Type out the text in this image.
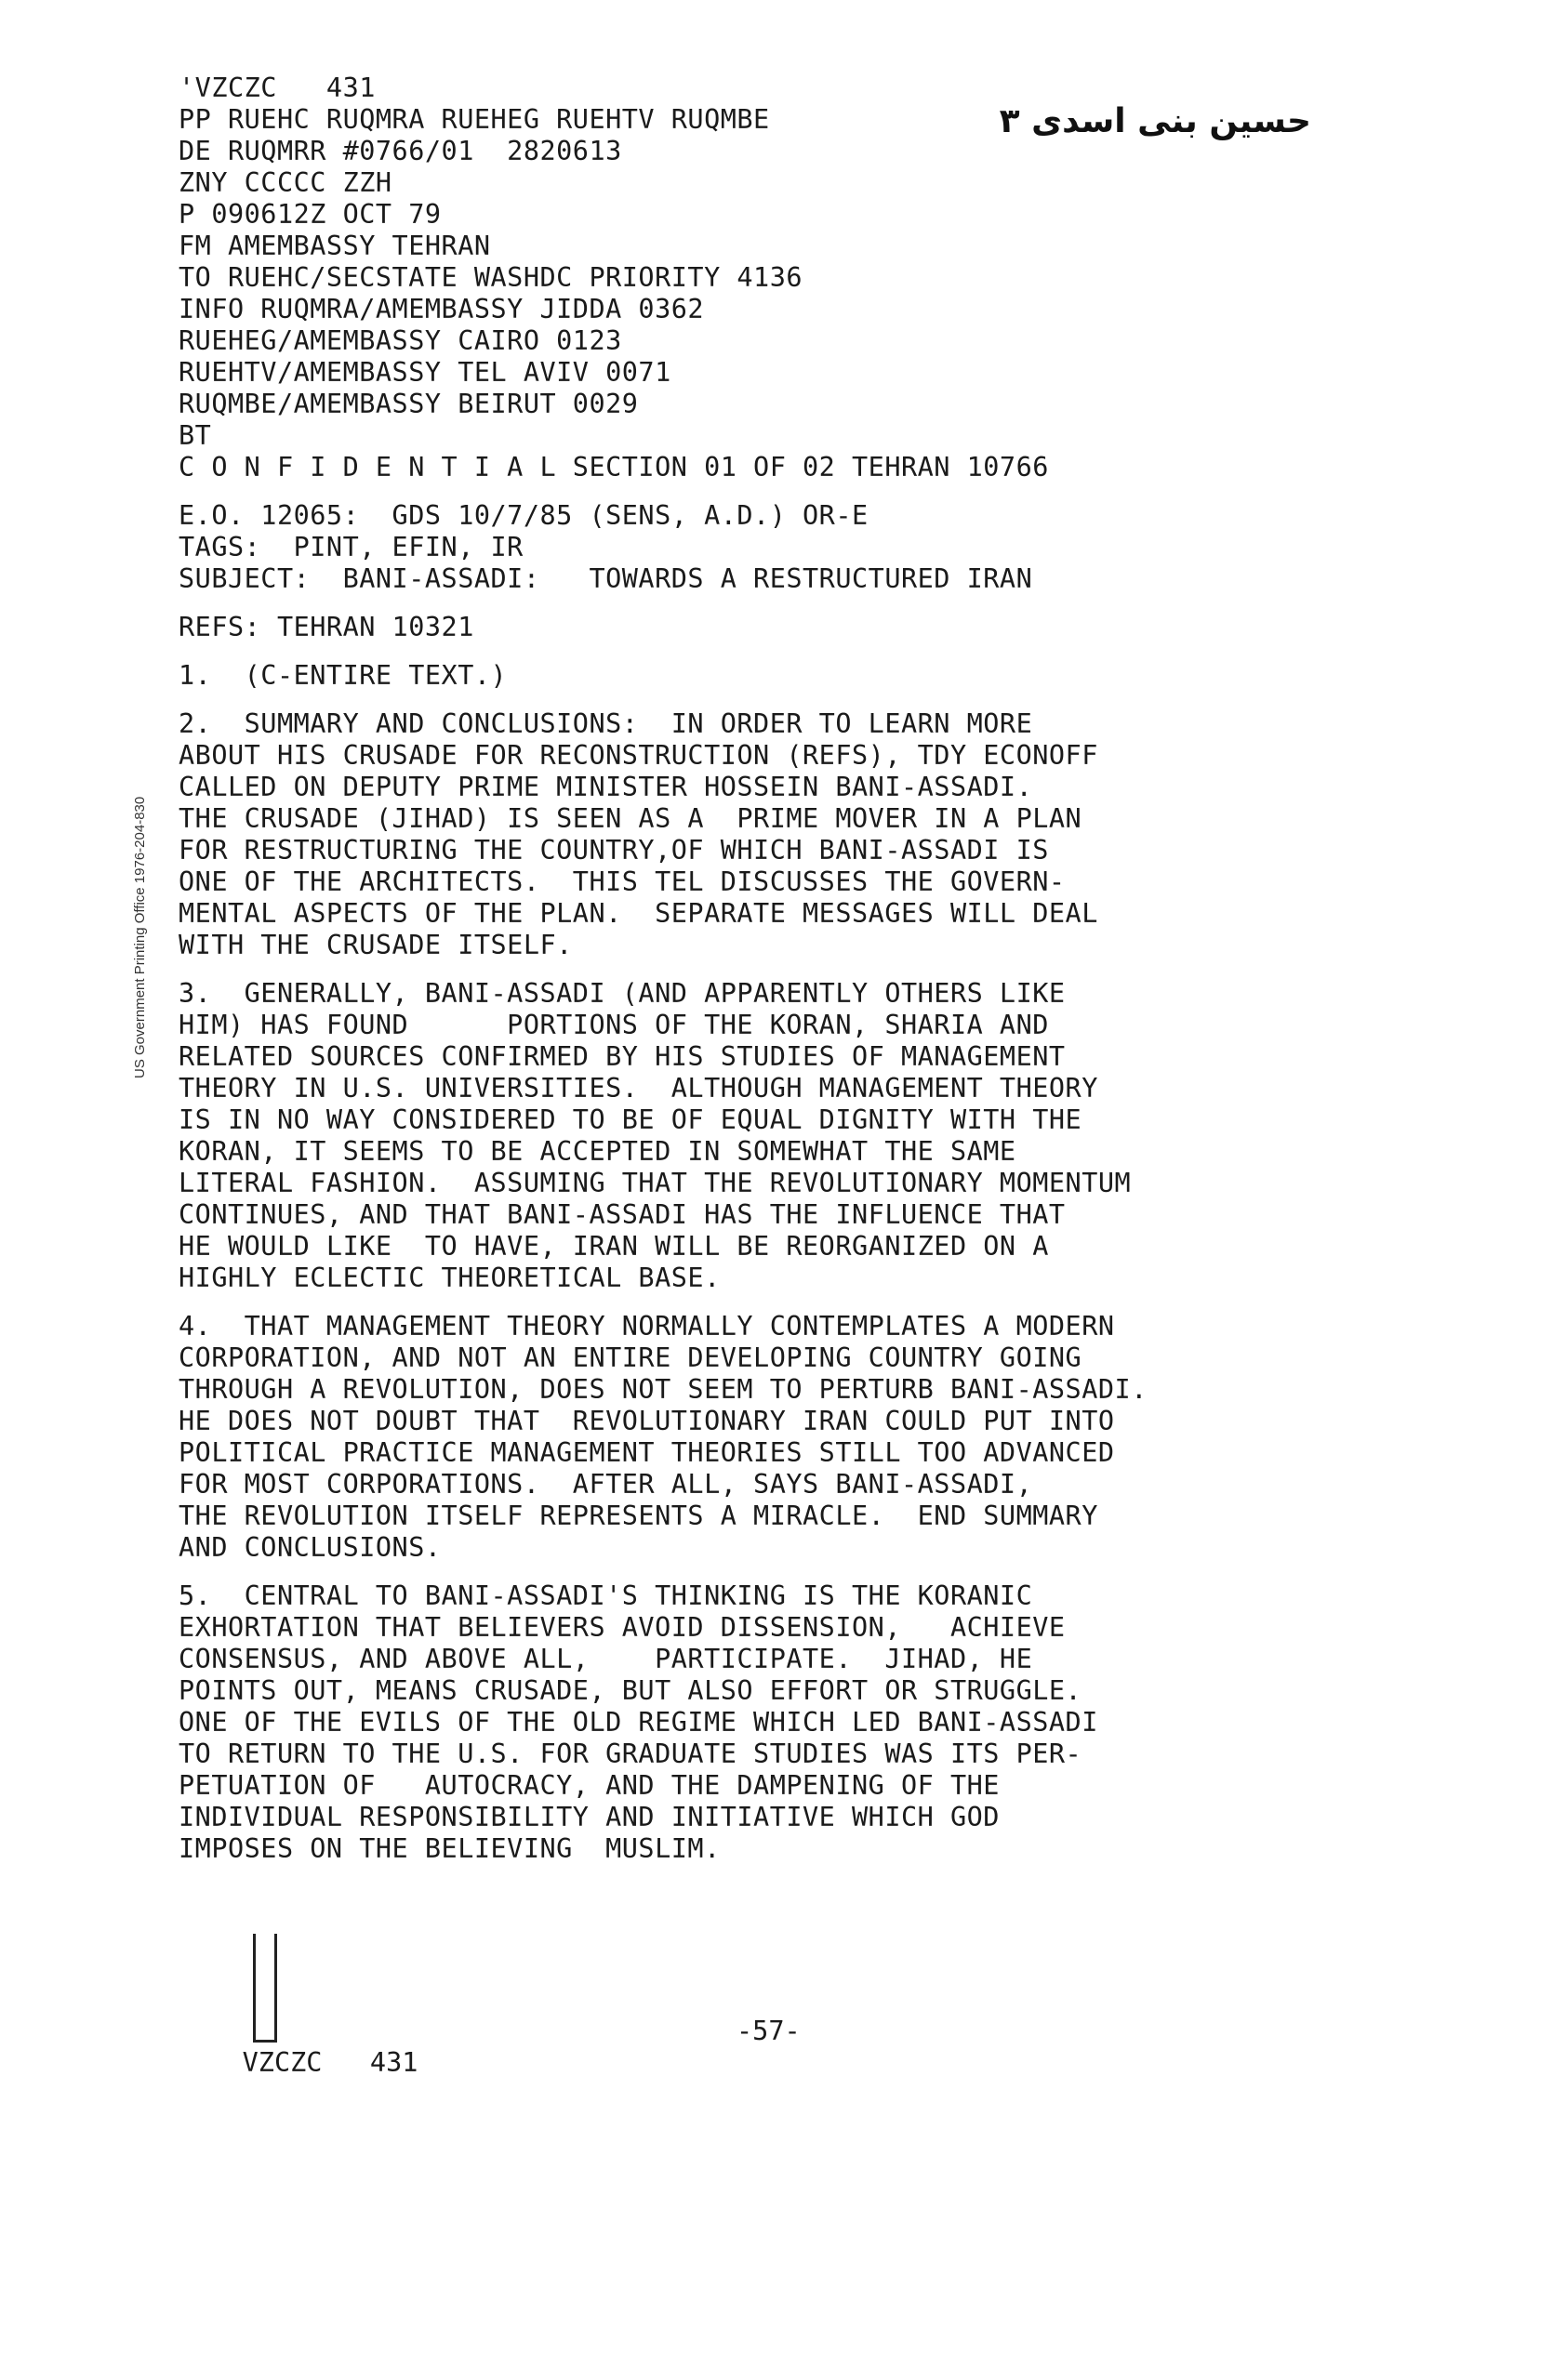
'VZCZC   431
PP RUEHC RUQMRA RUEHEG RUEHTV RUQMBE
DE RUQMRR #0766/01  2820613
ZNY CCCCC ZZH
P 090612Z OCT 79
FM AMEMBASSY TEHRAN
TO RUEHC/SECSTATE WASHDC PRIORITY 4136
INFO RUQMRA/AMEMBASSY JIDDA 0362
RUEHEG/AMEMBASSY CAIRO 0123
RUEHTV/AMEMBASSY TEL AVIV 0071
RUQMBE/AMEMBASSY BEIRUT 0029
BT
C O N F I D E N T I A L SECTION 01 OF 02 TEHRAN 10766
E.O. 12065:  GDS 10/7/85 (SENS, A.D.) OR-E
TAGS:  PINT, EFIN, IR
SUBJECT:  BANI-ASSADI:   TOWARDS A RESTRUCTURED IRAN
REFS: TEHRAN 10321
1.  (C-ENTIRE TEXT.)
2.  SUMMARY AND CONCLUSIONS:  IN ORDER TO LEARN MORE
ABOUT HIS CRUSADE FOR RECONSTRUCTION (REFS), TDY ECONOFF
CALLED ON DEPUTY PRIME MINISTER HOSSEIN BANI-ASSADI.
THE CRUSADE (JIHAD) IS SEEN AS A  PRIME MOVER IN A PLAN
FOR RESTRUCTURING THE COUNTRY,OF WHICH BANI-ASSADI IS
ONE OF THE ARCHITECTS.  THIS TEL DISCUSSES THE GOVERN-
MENTAL ASPECTS OF THE PLAN.  SEPARATE MESSAGES WILL DEAL
WITH THE CRUSADE ITSELF.
3.  GENERALLY, BANI-ASSADI (AND APPARENTLY OTHERS LIKE
HIM) HAS FOUND      PORTIONS OF THE KORAN, SHARIA AND
RELATED SOURCES CONFIRMED BY HIS STUDIES OF MANAGEMENT
THEORY IN U.S. UNIVERSITIES.  ALTHOUGH MANAGEMENT THEORY
IS IN NO WAY CONSIDERED TO BE OF EQUAL DIGNITY WITH THE
KORAN, IT SEEMS TO BE ACCEPTED IN SOMEWHAT THE SAME
LITERAL FASHION.  ASSUMING THAT THE REVOLUTIONARY MOMENTUM
CONTINUES, AND THAT BANI-ASSADI HAS THE INFLUENCE THAT
HE WOULD LIKE  TO HAVE, IRAN WILL BE REORGANIZED ON A
HIGHLY ECLECTIC THEORETICAL BASE.
4.  THAT MANAGEMENT THEORY NORMALLY CONTEMPLATES A MODERN
CORPORATION, AND NOT AN ENTIRE DEVELOPING COUNTRY GOING
THROUGH A REVOLUTION, DOES NOT SEEM TO PERTURB BANI-ASSADI.
HE DOES NOT DOUBT THAT  REVOLUTIONARY IRAN COULD PUT INTO
POLITICAL PRACTICE MANAGEMENT THEORIES STILL TOO ADVANCED
FOR MOST CORPORATIONS.  AFTER ALL, SAYS BANI-ASSADI,
THE REVOLUTION ITSELF REPRESENTS A MIRACLE.  END SUMMARY
AND CONCLUSIONS.
5.  CENTRAL TO BANI-ASSADI'S THINKING IS THE KORANIC
EXHORTATION THAT BELIEVERS AVOID DISSENSION,   ACHIEVE
CONSENSUS, AND ABOVE ALL,    PARTICIPATE.  JIHAD, HE
POINTS OUT, MEANS CRUSADE, BUT ALSO EFFORT OR STRUGGLE.
ONE OF THE EVILS OF THE OLD REGIME WHICH LED BANI-ASSADI
TO RETURN TO THE U.S. FOR GRADUATE STUDIES WAS ITS PER-
PETUATION OF   AUTOCRACY, AND THE DAMPENING OF THE
INDIVIDUAL RESPONSIBILITY AND INITIATIVE WHICH GOD
IMPOSES ON THE BELIEVING  MUSLIM.
حسین بنی اسدی ۳
US Government Printing Office 1976-204-830

VZCZC   431

-57-
